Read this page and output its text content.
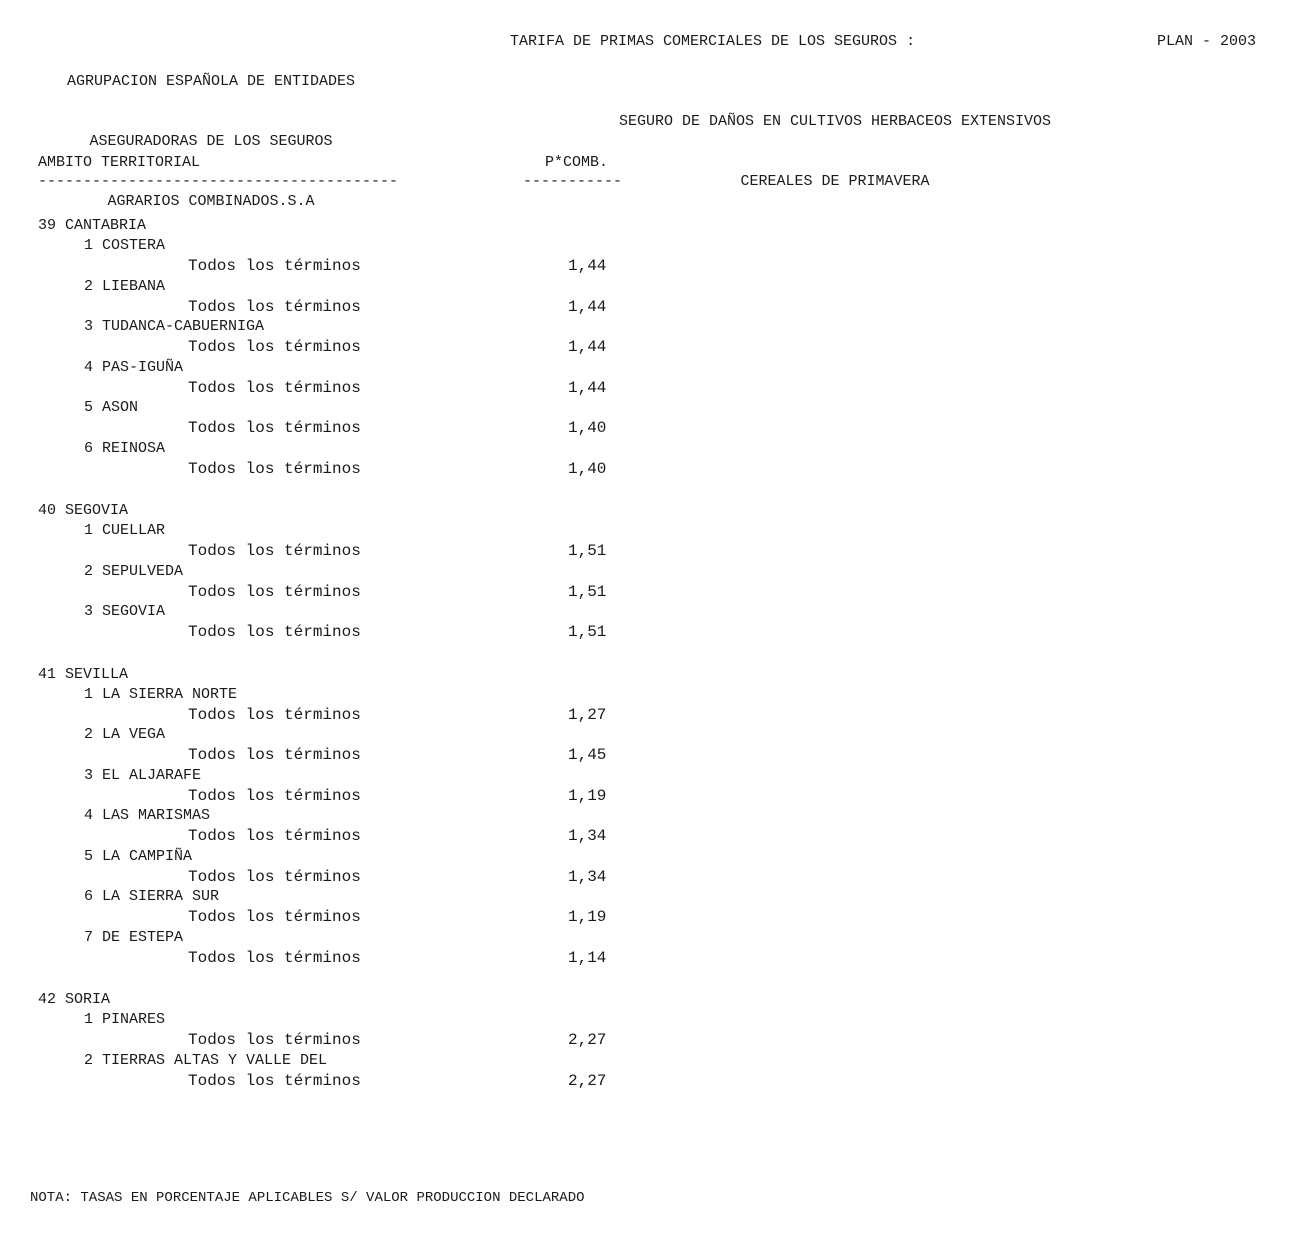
AGRUPACION ESPAÑOLA DE ENTIDADES

ASEGURADORAS DE LOS SEGUROS

AGRARIOS COMBINADOS.S.A

TARIFA DE PRIMAS COMERCIALES DE LOS SEGUROS :	PLAN - 2003

SEGURO DE DAÑOS EN CULTIVOS HERBACEOS EXTENSIVOS

CEREALES DE PRIMAVERA

AMBITO TERRITORIAL	P*COMB.
----------------------------------------	-----------
39 CANTABRIA
1 COSTERA
Todos los términos	1,44
2 LIEBANA
Todos los términos	1,44
3 TUDANCA-CABUERNIGA
Todos los términos	1,44
4 PAS-IGUÑA
Todos los términos	1,44
5 ASON
Todos los términos	1,40
6 REINOSA
Todos los términos	1,40
40 SEGOVIA
1 CUELLAR
Todos los términos	1,51
2 SEPULVEDA
Todos los términos	1,51
3 SEGOVIA
Todos los términos	1,51
41 SEVILLA
1 LA SIERRA NORTE
Todos los términos	1,27
2 LA VEGA
Todos los términos	1,45
3 EL ALJARAFE
Todos los términos	1,19
4 LAS MARISMAS
Todos los términos	1,34
5 LA CAMPIÑA
Todos los términos	1,34
6 LA SIERRA SUR
Todos los términos	1,19
7 DE ESTEPA
Todos los términos	1,14
42 SORIA
1 PINARES
Todos los términos	2,27
2 TIERRAS ALTAS Y VALLE DEL
Todos los términos	2,27
NOTA: TASAS EN PORCENTAJE APLICABLES S/ VALOR PRODUCCION DECLARADO
